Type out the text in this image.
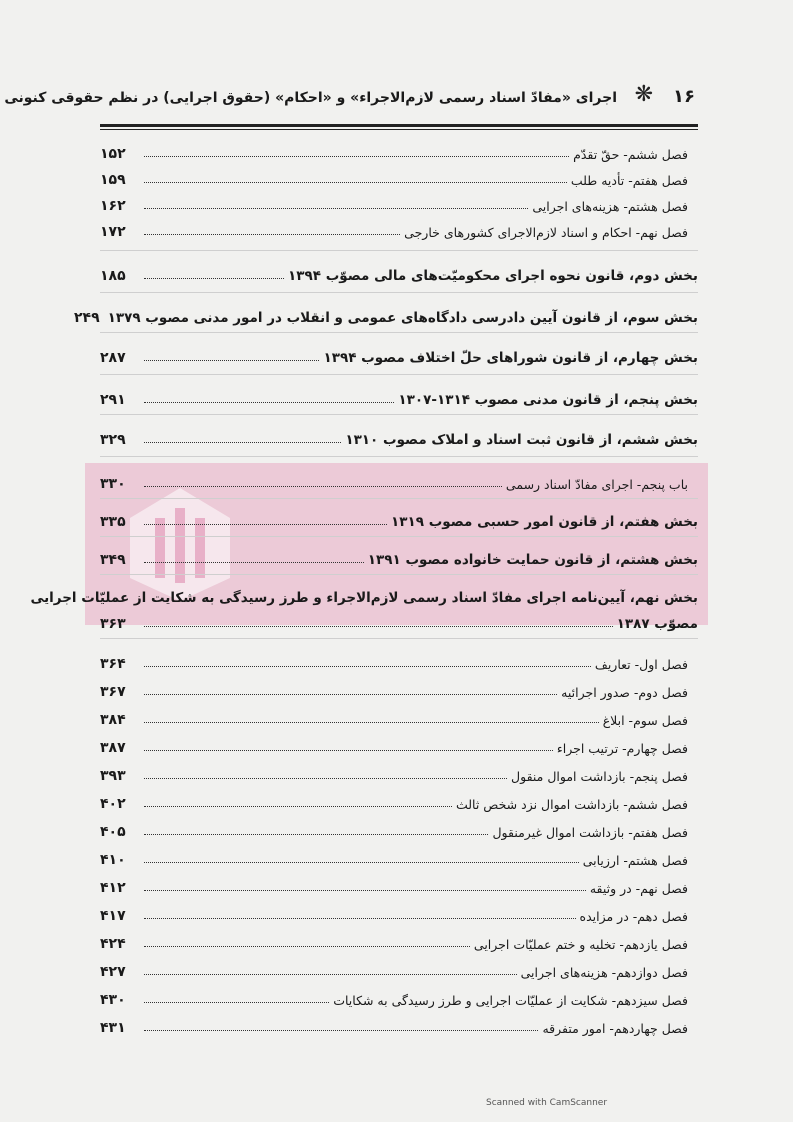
۱۶
❋
اجرای «مفادّ اسناد رسمی لازم‌الاجراء» و «احکام» (حقوق اجرایی) در نظم حقوقی کنونی
فصل ششم- حقّ تقدّم
۱۵۲
فصل هفتم- تأدیه طلب
۱۵۹
فصل هشتم- هزینه‌های اجرایی
۱۶۲
فصل نهم- احکام و اسناد لازم‌الاجرای کشورهای خارجی
۱۷۲
بخش دوم، قانون نحوه اجرای محکومیّت‌های مالی مصوّب ۱۳۹۴
۱۸۵
بخش سوم، از قانون آیین دادرسی دادگاه‌های عمومی و انقلاب در امور مدنی مصوب ۱۳۷۹
۲۴۹
بخش چهارم، از قانون شوراهای حلّ اختلاف مصوب ۱۳۹۴
۲۸۷
بخش پنجم، از قانون مدنی مصوب ۱۳۱۴-۱۳۰۷
۲۹۱
بخش ششم، از قانون ثبت اسناد و املاک مصوب ۱۳۱۰
۳۲۹
باب پنجم- اجرای مفادّ اسناد رسمی
۳۳۰
بخش هفتم، از قانون امور حسبی مصوب ۱۳۱۹
۳۳۵
بخش هشتم، از قانون حمایت خانواده مصوب ۱۳۹۱
۳۴۹
بخش نهم، آیین‌نامه اجرای مفادّ اسناد رسمی لازم‌الاجراء و طرز رسیدگی به شکایت از عملیّات اجرایی
مصوّب ۱۳۸۷
۳۶۳
فصل اول- تعاریف
۳۶۴
فصل دوم- صدور اجرائیه
۳۶۷
فصل سوم- ابلاغ
۳۸۴
فصل چهارم- ترتیب اجراء
۳۸۷
فصل پنجم- بازداشت اموال منقول
۳۹۳
فصل ششم- بازداشت اموال نزد شخص ثالث
۴۰۲
فصل هفتم- بازداشت اموال غیرمنقول
۴۰۵
فصل هشتم- ارزیابی
۴۱۰
فصل نهم- در وثیقه
۴۱۲
فصل دهم- در مزایده
۴۱۷
فصل یازدهم- تخلیه و ختم عملیّات اجرایی
۴۲۴
فصل دوازدهم- هزینه‌های اجرایی
۴۲۷
فصل سیزدهم- شکایت از عملیّات اجرایی و طرز رسیدگی به شکایات
۴۳۰
فصل چهاردهم- امور متفرقه
۴۳۱
Scanned with CamScanner
